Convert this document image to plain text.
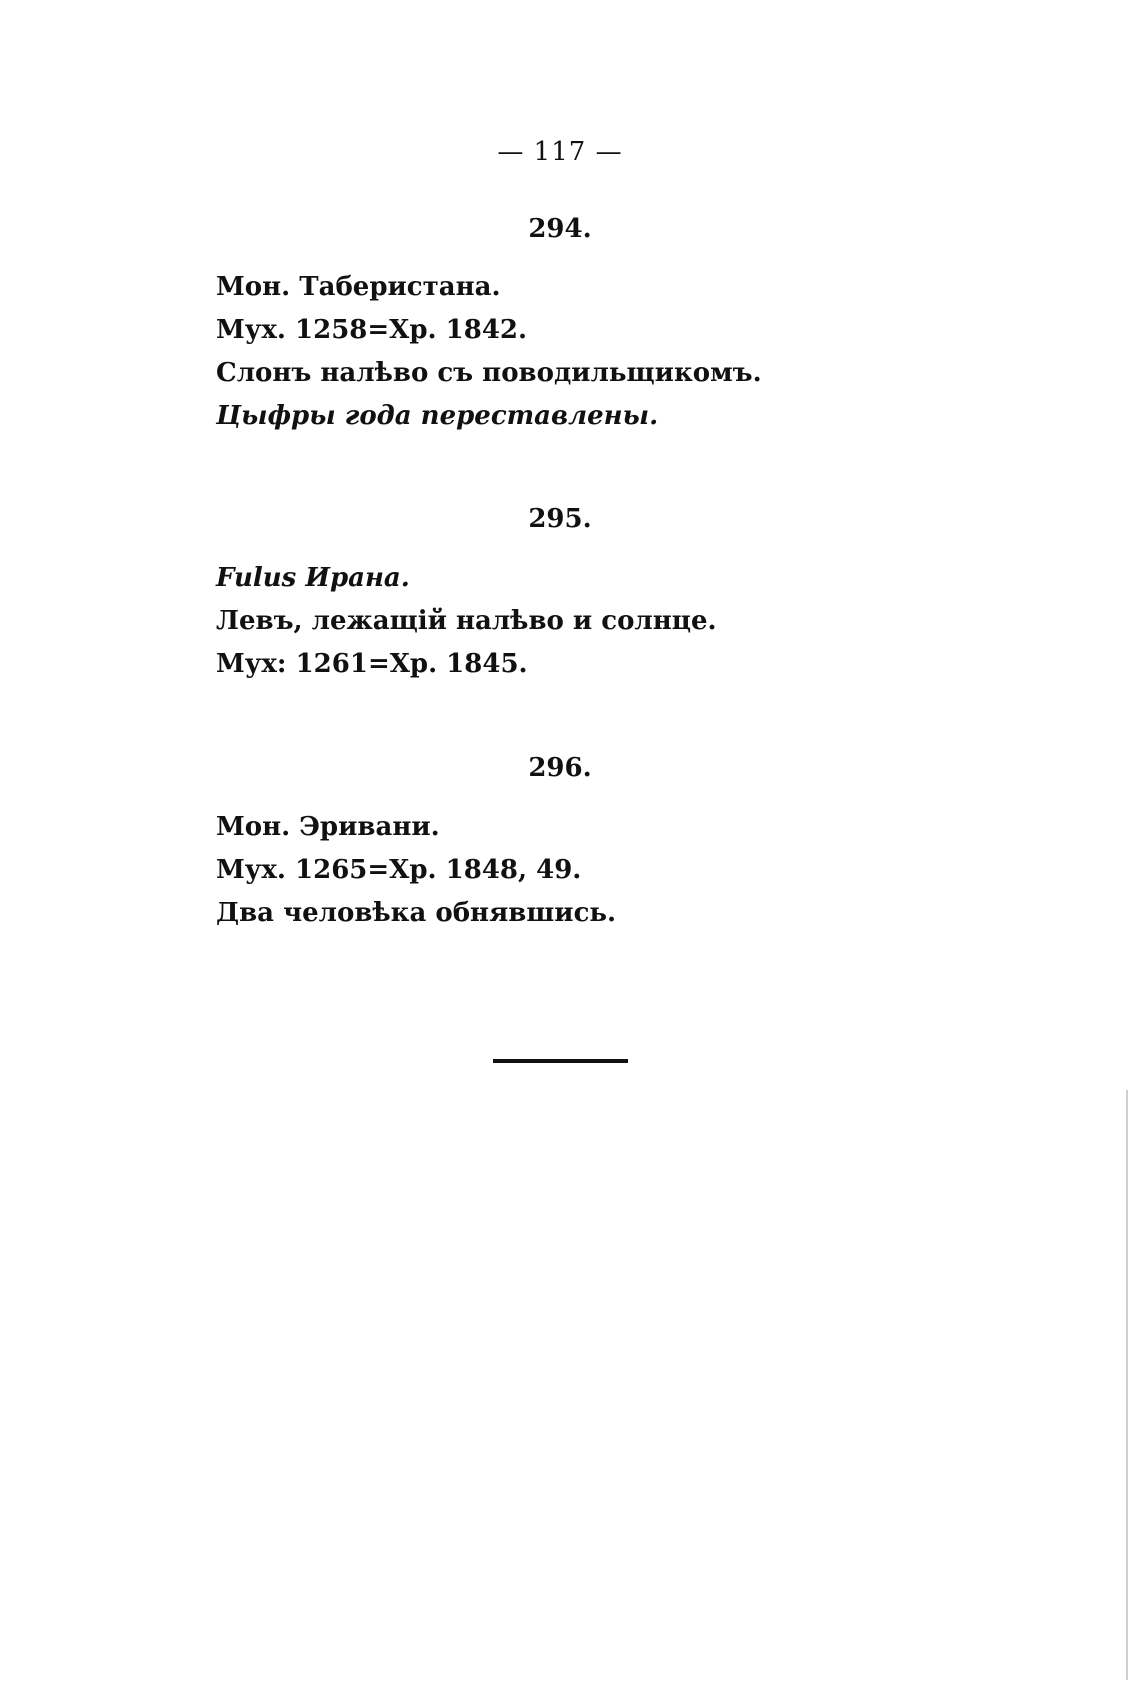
— 117 —
294.
Мон. Таберистана.
Мух. 1258=Хр. 1842.
Слонъ налѣво съ поводильщикомъ.
Цыфры года переставлены.
295.
Fulus Ирана.
Левъ, лежащій налѣво и солнце.
Мух: 1261=Хр. 1845.
296.
Мон. Эривани.
Мух. 1265=Хр. 1848, 49.
Два человѣка обнявшись.
